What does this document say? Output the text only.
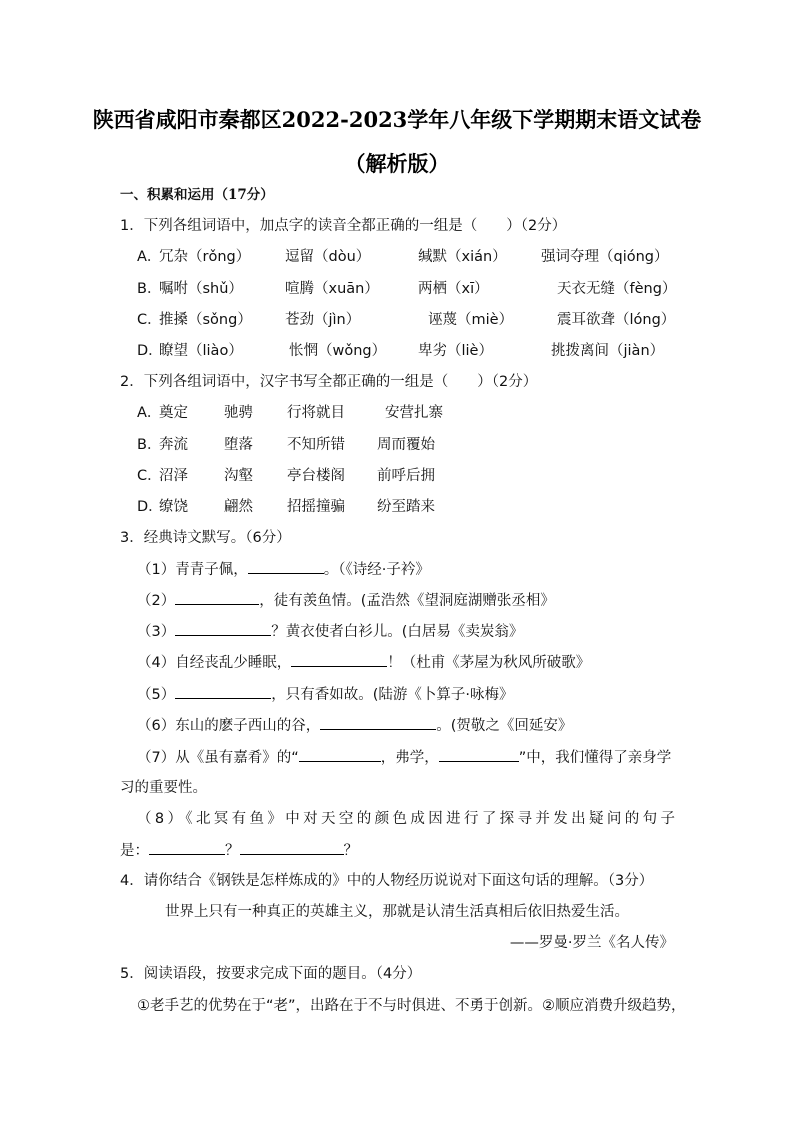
陕西省咸阳市秦都区2022-2023学年八年级下学期期末语文试卷
（解析版）
一、积累和运用（17分）
1．下列各组词语中，加点字的读音全都正确的一组是（　　）（2分）
A．
冗杂（rǒng） 逗留（dòu）	缄默（xián） 强词夺理（qióng）
B．
嘱咐（shǔ）	喧腾（xuān）	两栖（xī）	天衣无缝（fèng）
C．
推搡（sǒng） 苍劲（jìn）	诬蔑（miè）	震耳欲聋（lóng）
D．
瞭望（liào）	怅惘（wǒng） 卑劣（liè）	挑拨离间（jiàn）
2．下列各组词语中，汉字书写全都正确的一组是（　　）（2分）
A．
奠定 驰骋 行将就目	安营扎寨
B．
奔流 堕落 不知所错 周而覆始
C．
沼泽 沟壑 亭台楼阁 前呼后拥
D．
缭饶 翩然 招摇撞骗 纷至踏来
3．经典诗文默写。（6分）
（1）青青子佩，	。（《诗经·子衿》
（2）	，徒有羡鱼情。(孟浩然《望洞庭湖赠张丞相》
（3）	？黄衣使者白衫儿。(白居易《卖炭翁》
（4）自经丧乱少睡眠，	！（杜甫《茅屋为秋风所破歌》
（5）	，只有香如故。(陆游《卜算子·咏梅》
（6）东山的麽子西山的谷，	。(贺敬之《回延安》
（7）从《虽有嘉肴》的“	，弗学，	”中，我们懂得了亲身学
习的重要性。
（8）《北冥有鱼》中对天空的颜色成因进行了探寻并发出疑问的句子
是：	？	？
4．请你结合《钢铁是怎样炼成的》中的人物经历说说对下面这句话的理解。（3分）
世界上只有一种真正的英雄主义，那就是认清生活真相后依旧热爱生活。
——罗曼·罗兰《名人传》
5．阅读语段，按要求完成下面的题目。（4分）
①老手艺的优势在于“老”，出路在于不与时俱进、不勇于创新。②顺应消费升级趋势，
